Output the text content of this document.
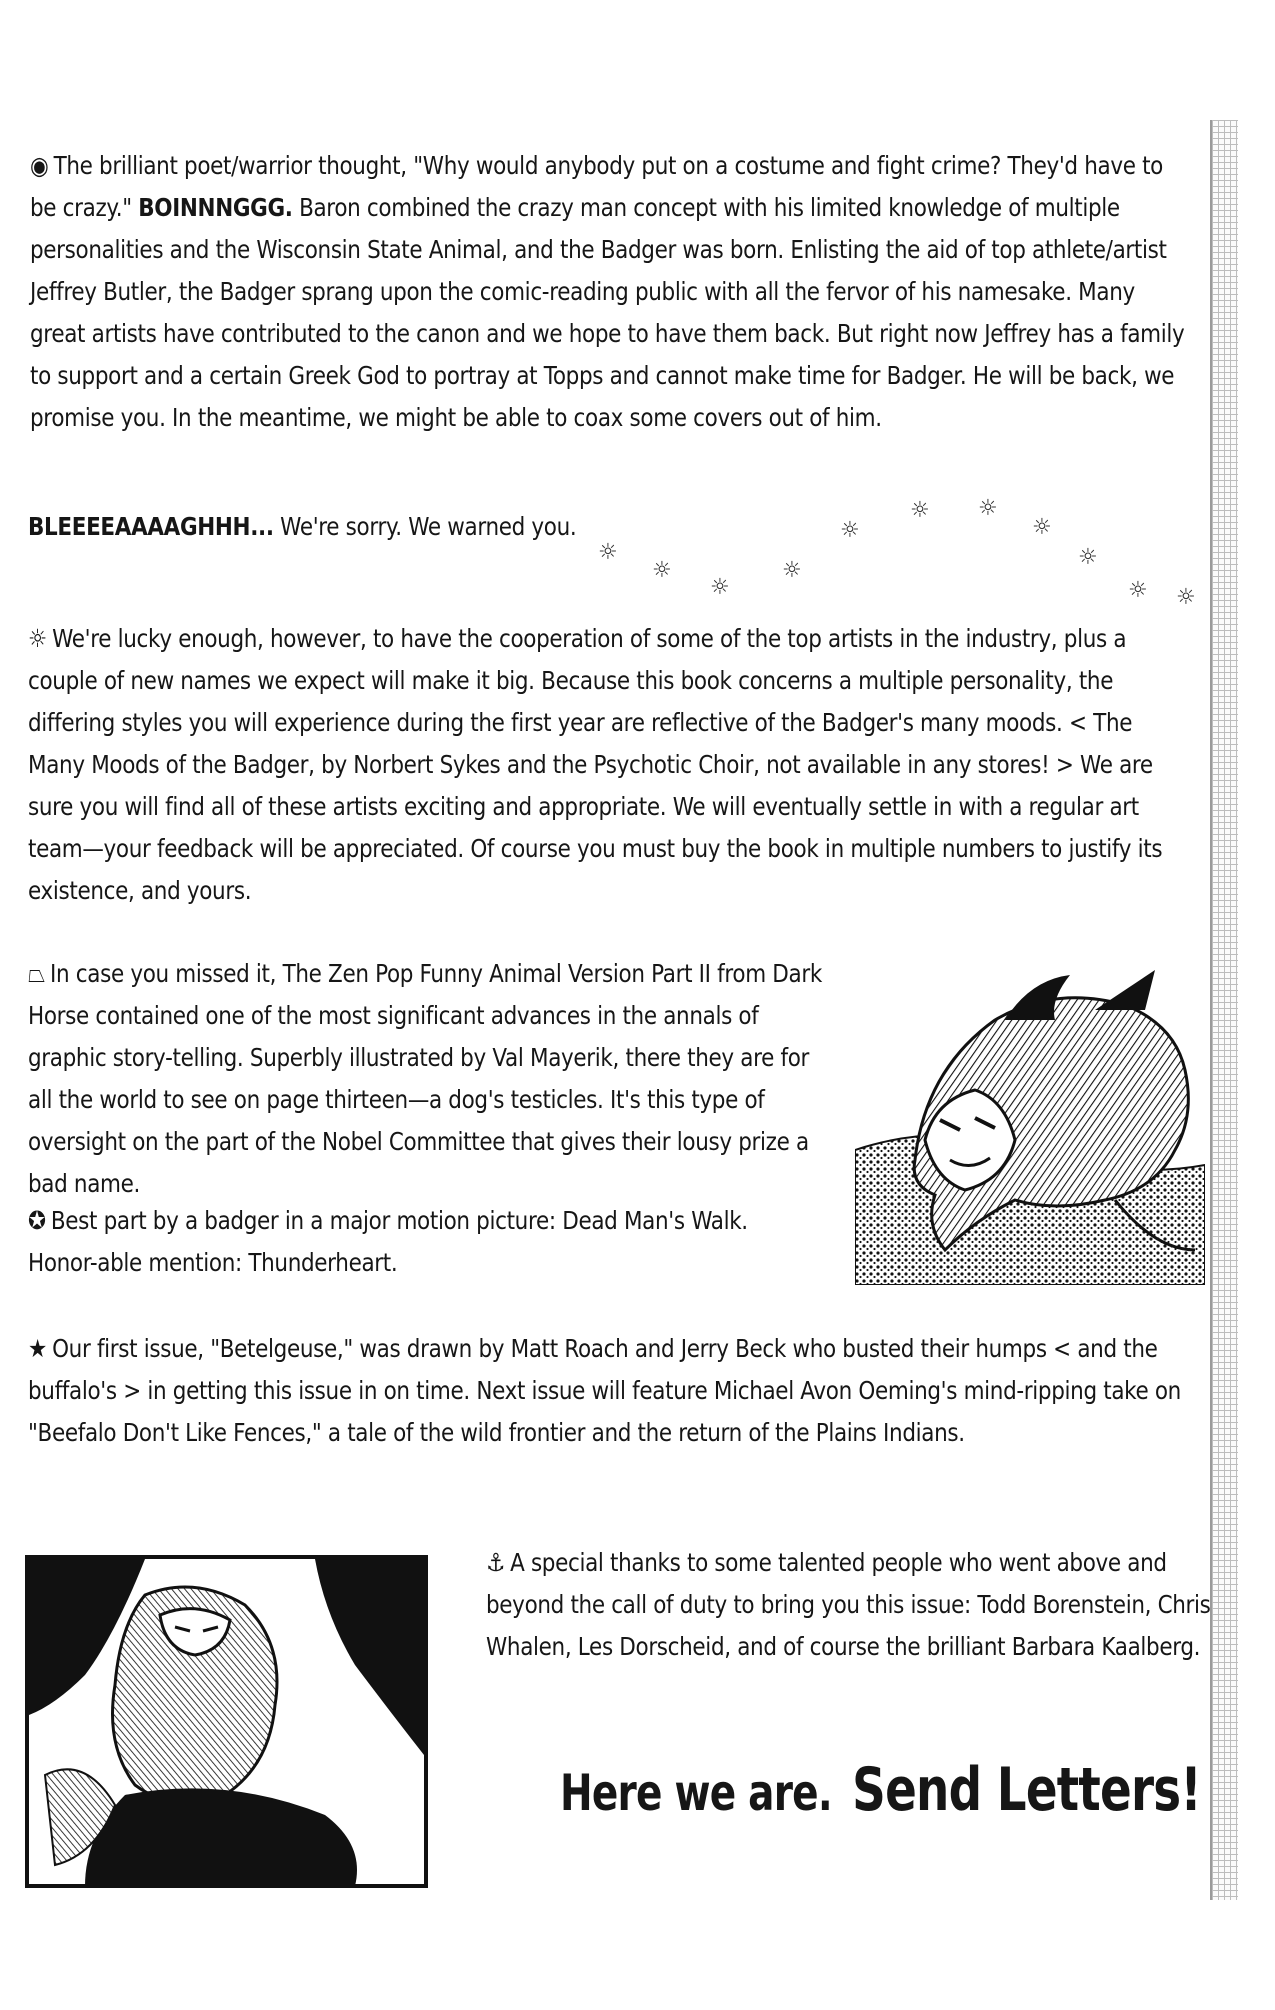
◉ The brilliant poet/warrior thought, "Why would anybody put on a costume and fight crime? They'd have to be crazy." BOINNNGGG. Baron combined the crazy man concept with his limited knowledge of multiple personalities and the Wisconsin State Animal, and the Badger was born. Enlisting the aid of top athlete/artist Jeffrey Butler, the Badger sprang upon the comic-reading public with all the fervor of his namesake. Many great artists have contributed to the canon and we hope to have them back. But right now Jeffrey has a family to support and a certain Greek God to portray at Topps and cannot make time for Badger. He will be back, we promise you. In the meantime, we might be able to coax some covers out of him.

BLEEEEAAAAGHHH... We're sorry. We warned you.

☼
☼
☼
☼
☼
☼ ☼
☼
☼
☼ ☼

☼ We're lucky enough, however, to have the cooperation of some of the top artists in the industry, plus a couple of new names we expect will make it big. Because this book concerns a multiple personality, the differing styles you will experience during the first year are reflective of the Badger's many moods. < The Many Moods of the Badger, by Norbert Sykes and the Psychotic Choir, not available in any stores! > We are sure you will find all of these artists exciting and appropriate. We will eventually settle in with a regular art team—your feedback will be appreciated. Of course you must buy the book in multiple numbers to justify its existence, and yours.

⏢ In case you missed it, The Zen Pop Funny Animal Version Part II from Dark Horse contained one of the most significant advances in the annals of graphic story-telling. Superbly illustrated by Val Mayerik, there they are for all the world to see on page thirteen—a dog's testicles. It's this type of oversight on the part of the Nobel Committee that gives their lousy prize a bad name.

✪ Best part by a badger in a major motion picture: Dead Man's Walk. Honor-able mention: Thunderheart.

★ Our first issue, "Betelgeuse," was drawn by Matt Roach and Jerry Beck who busted their humps < and the buffalo's > in getting this issue in on time. Next issue will feature Michael Avon Oeming's mind-ripping take on "Beefalo Don't Like Fences," a tale of the wild frontier and the return of the Plains Indians.

⚓ A special thanks to some talented people who went above and beyond the call of duty to bring you this issue: Todd Borenstein, Chris Whalen, Les Dorscheid, and of course the brilliant Barbara Kaalberg.

Here we are. Send Letters!
